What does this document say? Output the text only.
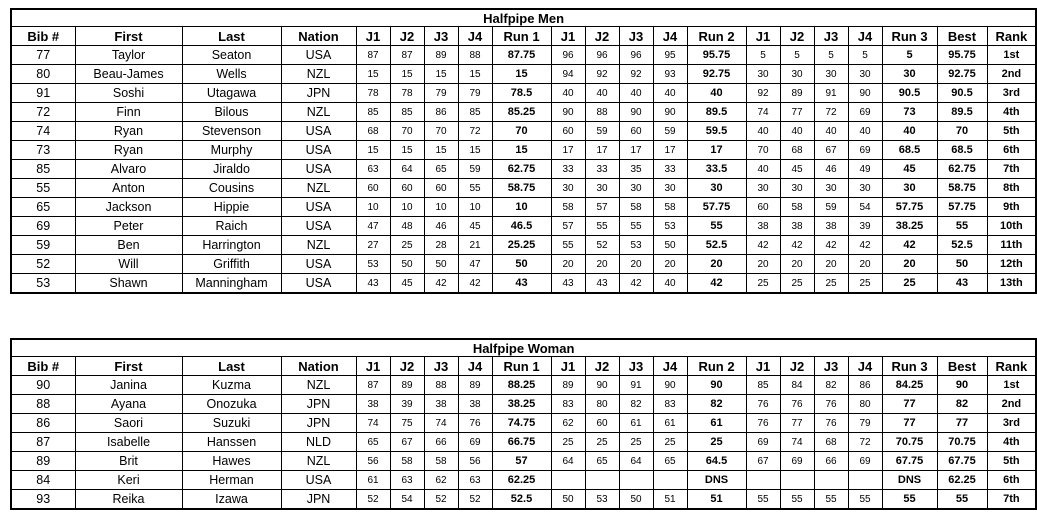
Halfpipe Men																				
Bib #	First	Last	Nation	J1	J2	J3	J4	Run 1	J1	J2	J3	J4	Run 2	J1	J2	J3	J4	Run 3	Best	Rank
77	Taylor	Seaton	USA	87	87	89	88	87.75	96	96	96	95	95.75	5	5	5	5	5	95.75	1st
80	Beau-James	Wells	NZL	15	15	15	15	15	94	92	92	93	92.75	30	30	30	30	30	92.75	2nd
91	Soshi	Utagawa	JPN	78	78	79	79	78.5	40	40	40	40	40	92	89	91	90	90.5	90.5	3rd
72	Finn	Bilous	NZL	85	85	86	85	85.25	90	88	90	90	89.5	74	77	72	69	73	89.5	4th
74	Ryan	Stevenson	USA	68	70	70	72	70	60	59	60	59	59.5	40	40	40	40	40	70	5th
73	Ryan	Murphy	USA	15	15	15	15	15	17	17	17	17	17	70	68	67	69	68.5	68.5	6th
85	Alvaro	Jiraldo	USA	63	64	65	59	62.75	33	33	35	33	33.5	40	45	46	49	45	62.75	7th
55	Anton	Cousins	NZL	60	60	60	55	58.75	30	30	30	30	30	30	30	30	30	30	58.75	8th
65	Jackson	Hippie	USA	10	10	10	10	10	58	57	58	58	57.75	60	58	59	54	57.75	57.75	9th
69	Peter	Raich	USA	47	48	46	45	46.5	57	55	55	53	55	38	38	38	39	38.25	55	10th
59	Ben	Harrington	NZL	27	25	28	21	25.25	55	52	53	50	52.5	42	42	42	42	42	52.5	11th
52	Will	Griffith	USA	53	50	50	47	50	20	20	20	20	20	20	20	20	20	20	50	12th
53	Shawn	Manningham	USA	43	45	42	42	43	43	43	42	40	42	25	25	25	25	25	43	13th
Halfpipe Woman																				
Bib #	First	Last	Nation	J1	J2	J3	J4	Run 1	J1	J2	J3	J4	Run 2	J1	J2	J3	J4	Run 3	Best	Rank
90	Janina	Kuzma	NZL	87	89	88	89	88.25	89	90	91	90	90	85	84	82	86	84.25	90	1st
88	Ayana	Onozuka	JPN	38	39	38	38	38.25	83	80	82	83	82	76	76	76	80	77	82	2nd
86	Saori	Suzuki	JPN	74	75	74	76	74.75	62	60	61	61	61	76	77	76	79	77	77	3rd
87	Isabelle	Hanssen	NLD	65	67	66	69	66.75	25	25	25	25	25	69	74	68	72	70.75	70.75	4th
89	Brit	Hawes	NZL	56	58	58	56	57	64	65	64	65	64.5	67	69	66	69	67.75	67.75	5th
84	Keri	Herman	USA	61	63	62	63	62.25					DNS					DNS	62.25	6th
93	Reika	Izawa	JPN	52	54	52	52	52.5	50	53	50	51	51	55	55	55	55	55	55	7th
